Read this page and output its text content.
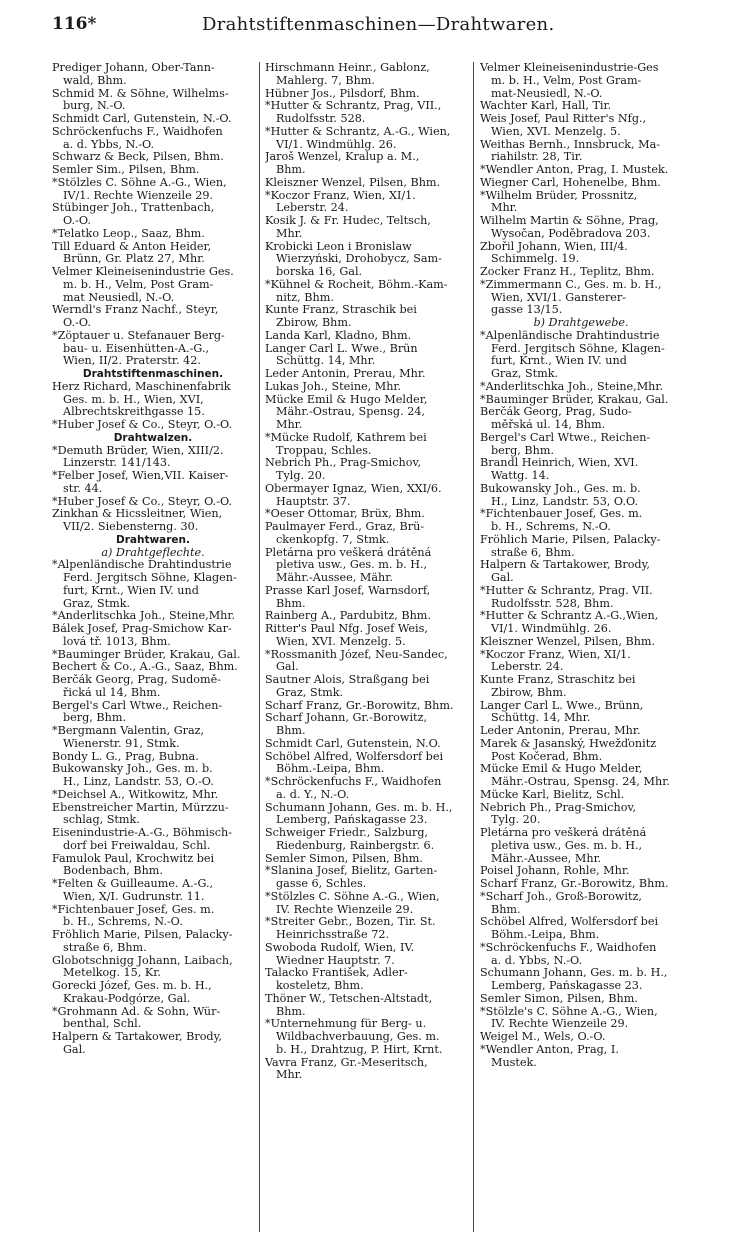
116*	Drahtstiftenmaschinen—Drahtwaren.
Prediger Johann, Ober-Tann-
wald, Bhm.
Schmid M. & Söhne, Wilhelms-
burg, N.-Ö.
Schmidt Carl, Gutenstein, N.-Ö.
Schröckenfuchs F., Waidhofen
a. d. Ybbs, N.-Ö.
Schwarz & Beck, Pilsen, Bhm.
Semler Sim., Pilsen, Bhm.
*Stölzles C. Söhne A.-G., Wien,
IV/1. Rechte Wienzeile 29.
Stübinger Joh., Trattenbach,
O.-Ö.
*Telatko Leop., Saaz, Bhm.
Till Eduard & Anton Heider,
Brünn, Gr. Platz 27, Mhr.
Velmer Kleineisenindustrie Ges.
m. b. H., Velm, Post Gram-
mat Neusiedl, N.-Ö.
Werndl's Franz Nachf., Steyr,
O.-Ö.
*Zöptauer u. Stefanauer Berg-
bau- u. Eisenhütten-A.-G.,
Wien, II/2. Praterstr. 42.
Drahtstiftenmaschinen.
Herz Richard, Maschinenfabrik
Ges. m. b. H., Wien, XVI,
Albrechtskreithgasse 15.
*Huber Josef & Co., Steyr, O.-Ö.
Drahtwalzen.
*Demuth Brüder, Wien, XIII/2.
Linzerstr. 141/143.
*Felber Josef, Wien,VII. Kaiser-
str. 44.
*Huber Josef & Co., Steyr, O.-Ö.
Zinkhan & Hicssleitner, Wien,
VII/2. Siebensterng. 30.
Drahtwaren.
a) Drahtgeflechte.
*Alpenländische Drahtindustrie
Ferd. Jergitsch Söhne, Klagen-
furt, Krnt., Wien IV. und
Graz, Stmk.
*Anderlitschka Joh., Steine,Mhr.
Bálek Josef, Prag-Smichow Kar-
lová tř. 1013, Bhm.
*Bauminger Brüder, Krakau, Gal.
Bechert & Co., A.-G., Saaz, Bhm.
Berčák Georg, Prag, Sudomě-
řická ul 14, Bhm.
Bergel's Carl Wtwe., Reichen-
berg, Bhm.
*Bergmann Valentin, Graz,
Wienerstr. 91, Stmk.
Bondy L. G., Prag, Bubna.
Bukowansky Joh., Ges. m. b.
H., Linz, Landstr. 53, O.-Ö.
*Deichsel A., Witkowitz, Mhr.
Ebenstreicher Martin, Mürzzu-
schlag, Stmk.
Eisenindustrie-A.-G., Böhmisch-
dorf bei Freiwaldau, Schl.
Famulok Paul, Krochwitz bei
Bodenbach, Bhm.
*Felten & Guilleaume. A.-G.,
Wien, X/I. Gudrunstr. 11.
*Fichtenbauer Josef, Ges. m.
b. H., Schrems, N.-Ö.
Fröhlich Marie, Pilsen, Palacky-
straße 6, Bhm.
Globotschnigg Johann, Laibach,
Metelkog. 15, Kr.
Gorecki Józef, Ges. m. b. H.,
Krakau-Podgórze, Gal.
*Grohmann Ad. & Sohn, Wür-
benthal, Schl.
Halpern & Tartakower, Brody,
Gal.
Hirschmann Heinr., Gablonz,
Mahlerg. 7, Bhm.
Hübner Jos., Pilsdorf, Bhm.
*Hutter & Schrantz, Prag, VII.,
Rudolfsstr. 528.
*Hutter & Schrantz, A.-G., Wien,
VI/1. Windmühlg. 26.
Jaroš Wenzel, Kralup a. M.,
Bhm.
Kleiszner Wenzel, Pilsen, Bhm.
*Koczor Franz, Wien, XI/1.
Leberstr. 24.
Kosik J. & Fr. Hudec, Teltsch,
Mhr.
Krobicki Leon i Bronislaw
Wierzyński, Drohobycz, Sam-
borska 16, Gal.
*Kühnel & Rocheit, Böhm.-Kam-
nitz, Bhm.
Kunte Franz, Straschik bei
Zbirow, Bhm.
Landa Karl, Kladno, Bhm.
Langer Carl L. Wwe., Brün
Schüttg. 14, Mhr.
Leder Antonin, Prerau, Mhr.
Lukas Joh., Steine, Mhr.
Mücke Emil & Hugo Melder,
Mähr.-Ostrau, Spensg. 24,
Mhr.
*Mücke Rudolf, Kathrem bei
Troppau, Schles.
Nebrich Ph., Prag-Smichov,
Tylg. 20.
Obermayer Ignaz, Wien, XXI/6.
Hauptstr. 37.
*Oeser Ottomar, Brüx, Bhm.
Paulmayer Ferd., Graz, Brü-
ckenkopfg. 7, Stmk.
Pletárna pro veškerá drátěná
pletiva usw., Ges. m. b. H.,
Mähr.-Aussee, Mähr.
Prasse Karl Josef, Warnsdorf,
Bhm.
Rainberg A., Pardubitz, Bhm.
Ritter's Paul Nfg. Josef Weis,
Wien, XVI. Menzelg. 5.
*Rossmanith Józef, Neu-Sandec,
Gal.
Sautner Alois, Straßgang bei
Graz, Stmk.
Scharf Franz, Gr.-Borowitz, Bhm.
Scharf Johann, Gr.-Borowitz,
Bhm.
Schmidt Carl, Gutenstein, N.Ö.
Schöbel Alfred, Wolfersdorf bei
Böhm.-Leipa, Bhm.
*Schröckenfuchs F., Waidhofen
a. d. Y., N.-Ö.
Schumann Johann, Ges. m. b. H.,
Lemberg, Pańskagasse 23.
Schweiger Friedr., Salzburg,
Riedenburg, Rainbergstr. 6.
Semler Simon, Pilsen, Bhm.
*Slanina Josef, Bielitz, Garten-
gasse 6, Schles.
*Stölzles C. Söhne A.-G., Wien,
IV. Rechte Wienzeile 29.
*Streiter Gebr., Bozen, Tir. St.
Heinrichsstraße 72.
Swoboda Rudolf, Wien, IV.
Wiedner Hauptstr. 7.
Talacko František, Adler-
kosteletz, Bhm.
Thöner W., Tetschen-Altstadt,
Bhm.
*Unternehmung für Berg- u.
Wildbachverbauung, Ges. m.
b. H., Drahtzug, P. Hirt, Krnt.
Vavra Franz, Gr.-Meseritsch,
Mhr.
Velmer Kleineisenindustrie-Ges
m. b. H., Velm, Post Gram-
mat-Neusiedl, N.-Ö.
Wachter Karl, Hall, Tir.
Weis Josef, Paul Ritter's Nfg.,
Wien, XVI. Menzelg. 5.
Weithas Bernh., Innsbruck, Ma-
riahilstr. 28, Tir.
*Wendler Anton, Prag, I. Mustek.
Wiegner Carl, Hohenelbe, Bhm.
*Wilhelm Brüder, Prossnitz,
Mhr.
Wilhelm Martin & Söhne, Prag,
Wysočan, Poděbradova 203.
Zbořil Johann, Wien, III/4.
Schimmelg. 19.
Zocker Franz H., Teplitz, Bhm.
*Zimmermann C., Ges. m. b. H.,
Wien, XVI/1. Gansterer-
gasse 13/15.
b) Drahtgewebe.
*Alpenländische Drahtindustrie
Ferd. Jergitsch Söhne, Klagen-
furt, Krnt., Wien IV. und
Graz, Stmk.
*Anderlitschka Joh., Steine,Mhr.
*Bauminger Brüder, Krakau, Gal.
Berčák Georg, Prag, Sudo-
měřská ul. 14, Bhm.
Bergel's Carl Wtwe., Reichen-
berg, Bhm.
Brandl Heinrich, Wien, XVI.
Wattg. 14.
Bukowansky Joh., Ges. m. b.
H., Linz, Landstr. 53, O.Ö.
*Fichtenbauer Josef, Ges. m.
b. H., Schrems, N.-Ö.
Fröhlich Marie, Pilsen, Palacky-
straße 6, Bhm.
Halpern & Tartakower, Brody,
Gal.
*Hutter & Schrantz, Prag. VII.
Rudolfsstr. 528, Bhm.
*Hutter & Schrantz A.-G.,Wien,
VI/1. Windmühlg. 26.
Kleiszner Wenzel, Pilsen, Bhm.
*Koczor Franz, Wien, XI/1.
Leberstr. 24.
Kunte Franz, Straschitz bei
Zbirow, Bhm.
Langer Carl L. Wwe., Brünn,
Schüttg. 14, Mhr.
Leder Antonin, Prerau, Mhr.
Marek & Jasanský, Hwežďonitz
Post Kočerad, Bhm.
Mücke Emil & Hugo Melder,
Mähr.-Ostrau, Spensg. 24, Mhr.
Mücke Karl, Bielitz, Schl.
Nebrich Ph., Prag-Smichov,
Tylg. 20.
Pletárna pro veškerá drátěná
pletiva usw., Ges. m. b. H.,
Mähr.-Aussee, Mhr.
Poisel Johann, Rohle, Mhr.
Scharf Franz, Gr.-Borowitz, Bhm.
*Scharf Joh., Groß-Borowitz,
Bhm.
Schöbel Alfred, Wolfersdorf bei
Böhm.-Leipa, Bhm.
*Schröckenfuchs F., Waidhofen
a. d. Ybbs, N.-Ö.
Schumann Johann, Ges. m. b. H.,
Lemberg, Pańskagasse 23.
Semler Simon, Pilsen, Bhm.
*Stölzle's C. Söhne A.-G., Wien,
IV. Rechte Wienzeile 29.
Weigel M., Wels, O.-Ö.
*Wendler Anton, Prag, I.
Mustek.
